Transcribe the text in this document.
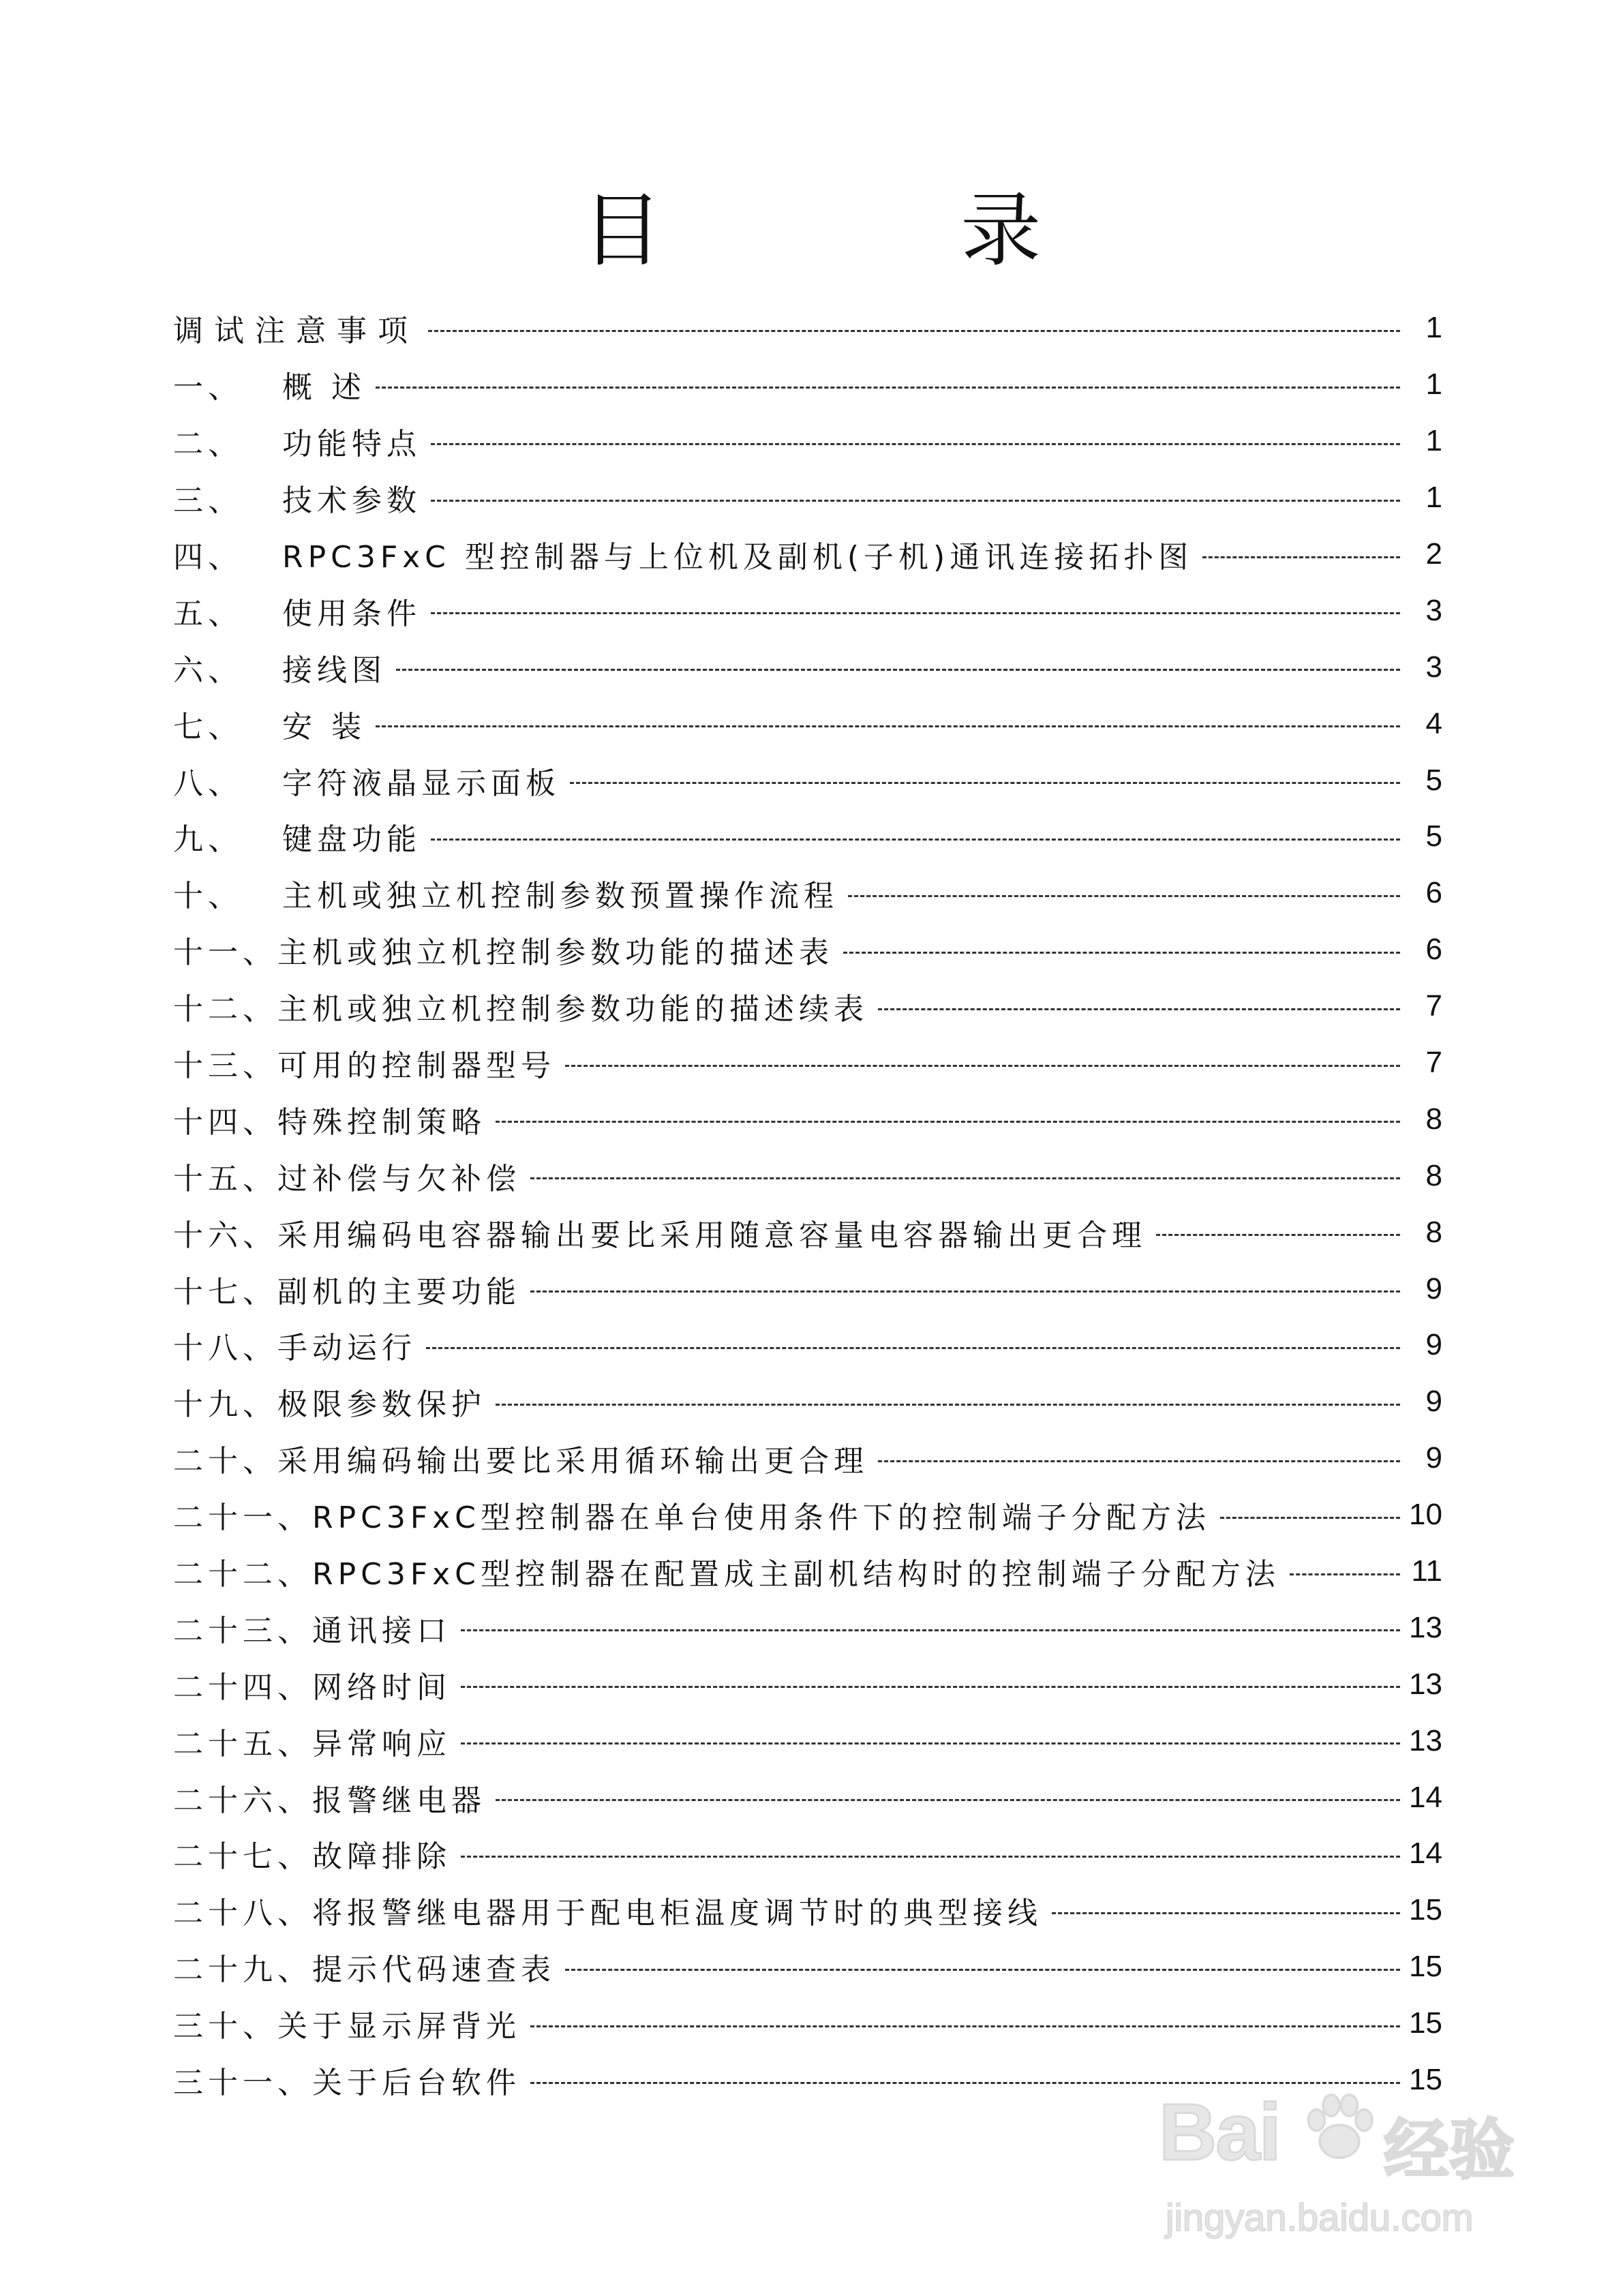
目 录
调试注意事项	1
一、	概 述	1
二、	功能特点	1
三、	技术参数	1
四、	RPC3FxC 型控制器与上位机及副机(子机)通讯连接拓扑图	2
五、	使用条件	3
六、	接线图	3
七、	安 装	4
八、	字符液晶显示面板	5
九、	键盘功能	5
十、	主机或独立机控制参数预置操作流程	6
十一、 主机或独立机控制参数功能的描述表	6
十二、 主机或独立机控制参数功能的描述续表	7
十三、 可用的控制器型号	7
十四、 特殊控制策略	8
十五、 过补偿与欠补偿	8
十六、 采用编码电容器输出要比采用随意容量电容器输出更合理	8
十七、 副机的主要功能	9
十八、 手动运行	9
十九、 极限参数保护	9
二十、 采用编码输出要比采用循环输出更合理	9
二十一、 RPC3FxC型控制器在单台使用条件下的控制端子分配方法	10
二十二、 RPC3FxC型控制器在配置成主副机结构时的控制端子分配方法	11
二十三、 通讯接口	13
二十四、 网络时间	13
二十五、 异常响应	13
二十六、 报警继电器	14
二十七、 故障排除	14
二十八、 将报警继电器用于配电柜温度调节时的典型接线	15
二十九、 提示代码速查表	15
三十、 关于显示屏背光	15
三十一、 关于后台软件	15
Bai 经验
jingyan.baidu.com
